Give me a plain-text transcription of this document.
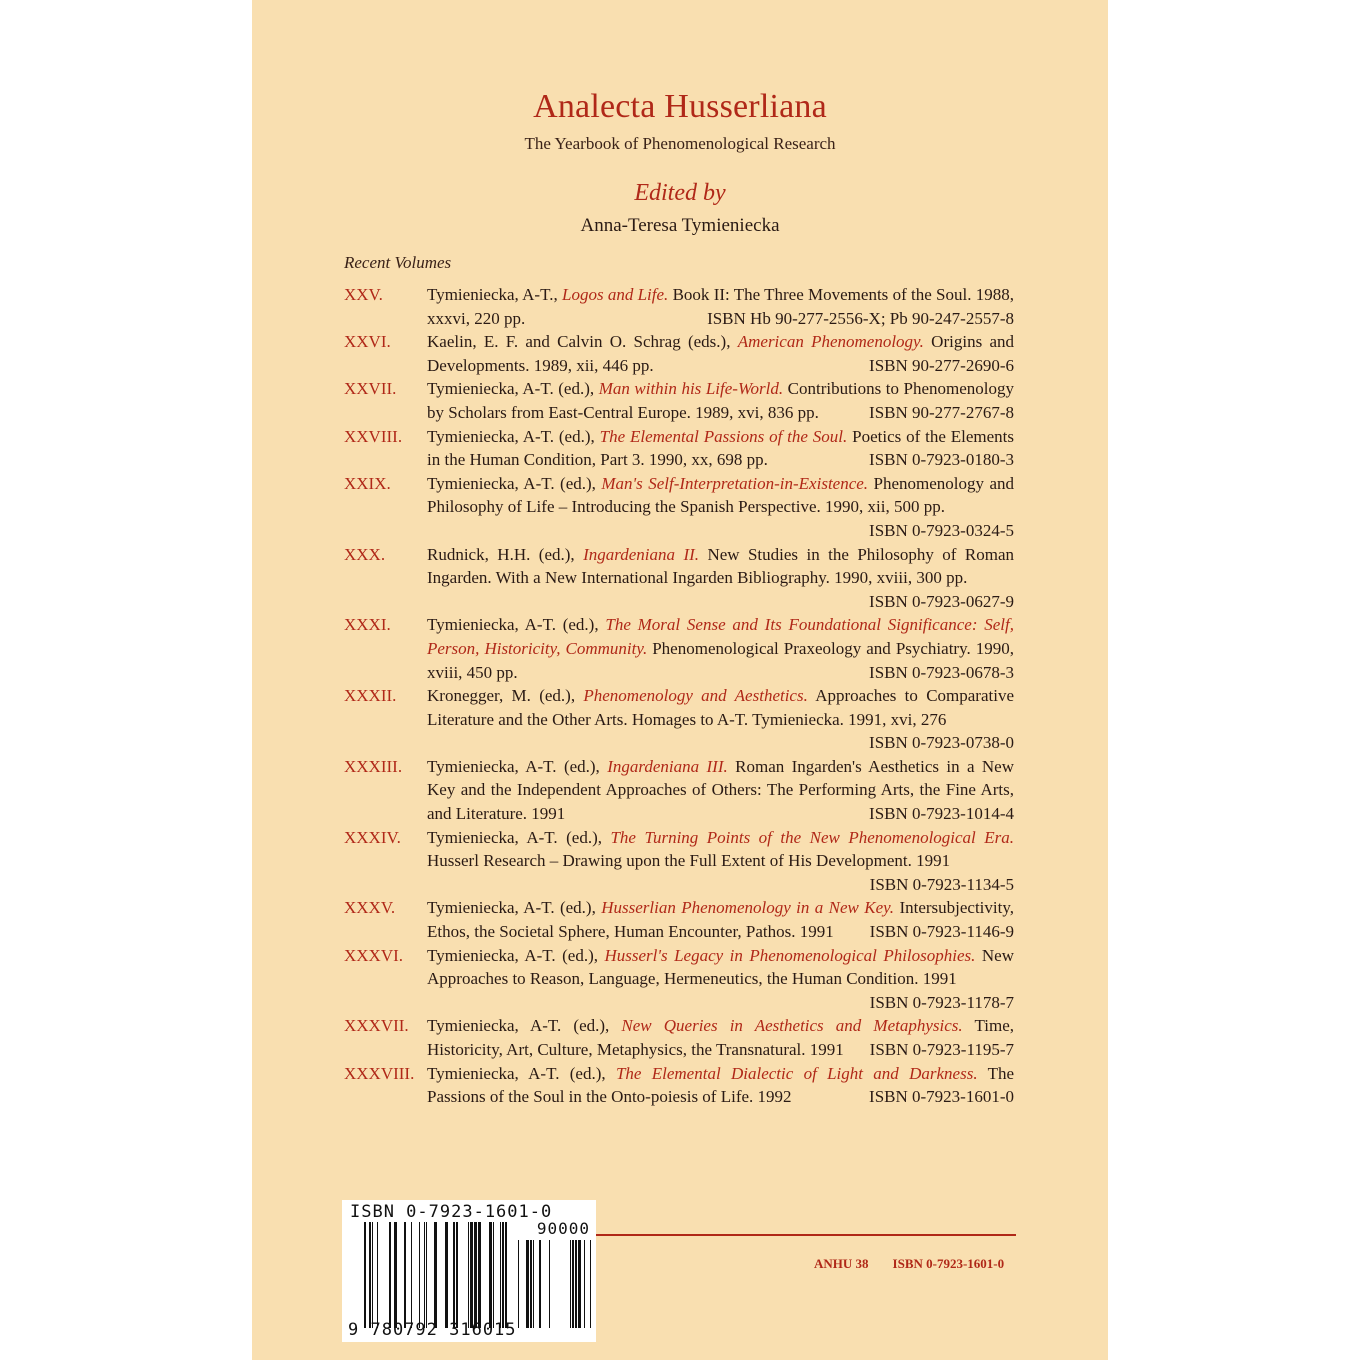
Analecta Husserliana
The Yearbook of Phenomenological Research
Edited by
Anna-Teresa Tymieniecka
Recent Volumes
XXV.	Tymieniecka, A-T., Logos and Life. Book II: The Three Movements of the Soul. 1988, xxxvi, 220 pp.	ISBN Hb 90-277-2556-X; Pb 90-247-2557-8
XXVI. Kaelin, E. F. and Calvin O. Schrag (eds.), American Phenomenology. Origins and Developments. 1989, xii, 446 pp.	ISBN 90-277-2690-6
XXVII. Tymieniecka, A-T. (ed.), Man within his Life-World. Contributions to Phenomenology by Scholars from East-Central Europe. 1989, xvi, 836 pp.	ISBN 90-277-2767-8
XXVIII. Tymieniecka, A-T. (ed.), The Elemental Passions of the Soul. Poetics of the Elements in the Human Condition, Part 3. 1990, xx, 698 pp.	ISBN 0-7923-0180-3
XXIX. Tymieniecka, A-T. (ed.), Man's Self-Interpretation-in-Existence. Phenomenology and Philosophy of Life – Introducing the Spanish Perspective. 1990, xii, 500 pp.
ISBN 0-7923-0324-5
XXX. Rudnick, H.H. (ed.), Ingardeniana II. New Studies in the Philosophy of Roman Ingarden. With a New International Ingarden Bibliography. 1990, xviii, 300 pp.
ISBN 0-7923-0627-9
XXXI. Tymieniecka, A-T. (ed.), The Moral Sense and Its Foundational Significance: Self, Person, Historicity, Community. Phenomenological Praxeology and Psychiatry. 1990, xviii, 450 pp.	ISBN 0-7923-0678-3
XXXII. Kronegger, M. (ed.), Phenomenology and Aesthetics. Approaches to Comparative Literature and the Other Arts. Homages to A-T. Tymieniecka. 1991, xvi, 276
ISBN 0-7923-0738-0
XXXIII. Tymieniecka, A-T. (ed.), Ingardeniana III. Roman Ingarden's Aesthetics in a New Key and the Independent Approaches of Others: The Performing Arts, the Fine Arts, and Literature. 1991	ISBN 0-7923-1014-4
XXXIV. Tymieniecka, A-T. (ed.), The Turning Points of the New Phenomenological Era. Husserl Research – Drawing upon the Full Extent of His Development. 1991
ISBN 0-7923-1134-5
XXXV. Tymieniecka, A-T. (ed.), Husserlian Phenomenology in a New Key. Intersubjectivity, Ethos, the Societal Sphere, Human Encounter, Pathos. 1991 ISBN 0-7923-1146-9
XXXVI. Tymieniecka, A-T. (ed.), Husserl's Legacy in Phenomenological Philosophies. New Approaches to Reason, Language, Hermeneutics, the Human Condition. 1991
ISBN 0-7923-1178-7
XXXVII. Tymieniecka, A-T. (ed.), New Queries in Aesthetics and Metaphysics. Time, Historicity, Art, Culture, Metaphysics, the Transnatural. 1991 ISBN 0-7923-1195-7
XXXVIII. Tymieniecka, A-T. (ed.), The Elemental Dialectic of Light and Darkness. The Passions of the Soul in the Onto-poiesis of Life. 1992	ISBN 0-7923-1601-0
ISBN 0-7923-1601-0
90000
9 780792 316015
ANHU 38 ISBN 0-7923-1601-0
